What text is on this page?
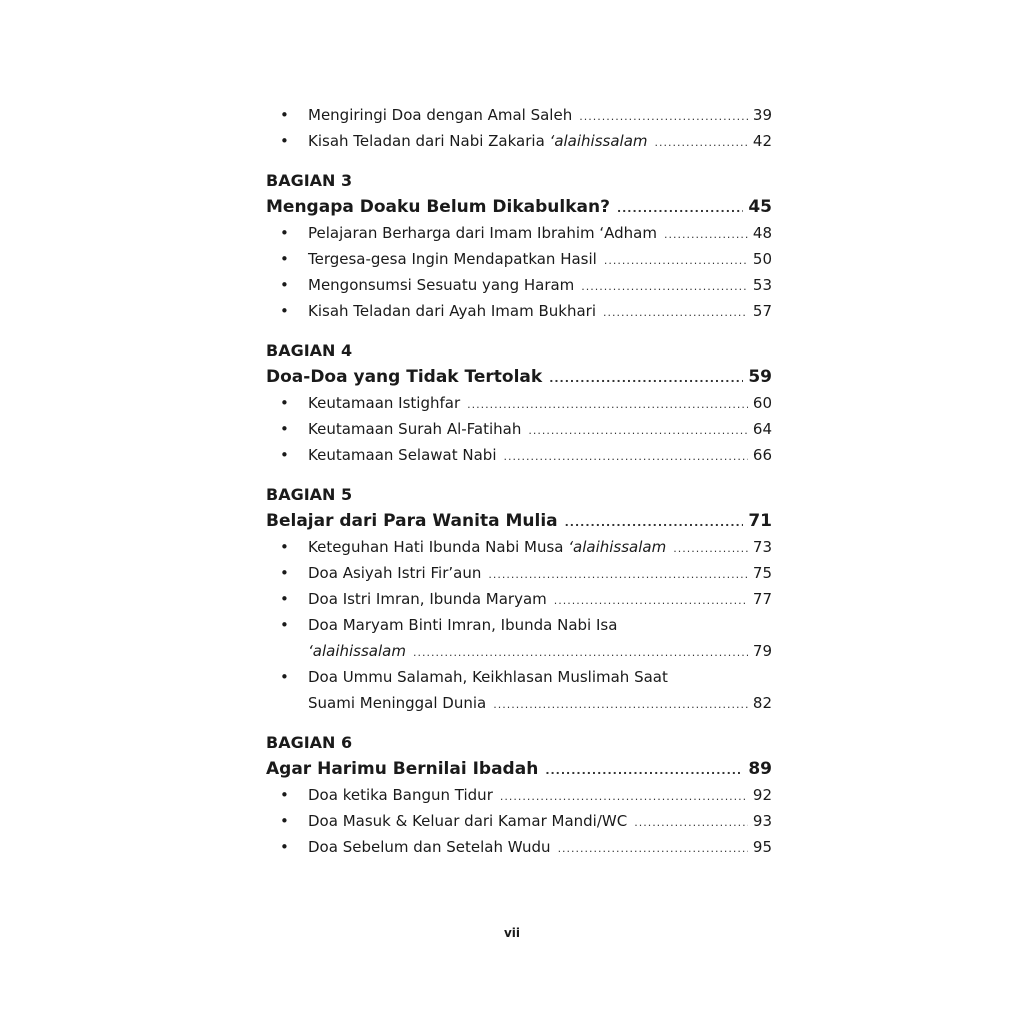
•	Mengiringi Doa dengan Amal Saleh .....	39
•	Kisah Teladan dari Nabi Zakaria ‘alaihissalam .....	42
BAGIAN 3
Mengapa Doaku Belum Dikabulkan? .....	45
•	Pelajaran Berharga dari Imam Ibrahim ‘Adham .....	48
•	Tergesa-gesa Ingin Mendapatkan Hasil .....	50
•	Mengonsumsi Sesuatu yang Haram .....	53
•	Kisah Teladan dari Ayah Imam Bukhari .....	57
BAGIAN 4
Doa-Doa yang Tidak Tertolak .....	59
•	Keutamaan Istighfar .....	60
•	Keutamaan Surah Al-Fatihah .....	64
•	Keutamaan Selawat Nabi .....	66
BAGIAN 5
Belajar dari Para Wanita Mulia .....	71
•	Keteguhan Hati Ibunda Nabi Musa ‘alaihissalam .....	73
•	Doa Asiyah Istri Fir’aun .....	75
•	Doa Istri Imran, Ibunda Maryam .....	77
•	Doa Maryam Binti Imran, Ibunda Nabi Isa
‘alaihissalam .....	79
•	Doa Ummu Salamah, Keikhlasan Muslimah Saat
Suami Meninggal Dunia .....	82
BAGIAN 6
Agar Harimu Bernilai Ibadah .....	89
•	Doa ketika Bangun Tidur .....	92
•	Doa Masuk & Keluar dari Kamar Mandi/WC .....	93
•	Doa Sebelum dan Setelah Wudu .....	95
vii
